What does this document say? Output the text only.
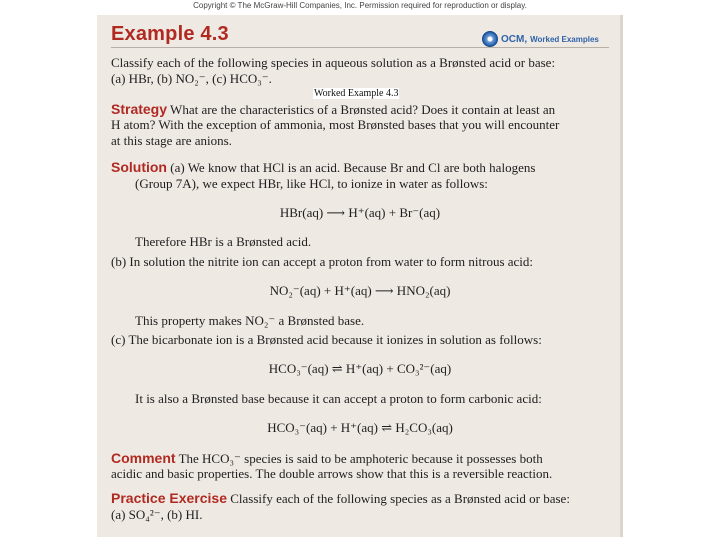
Copyright © The McGraw-Hill Companies, Inc. Permission required for reproduction or display.
Example 4.3	OCM, Worked Examples
Classify each of the following species in aqueous solution as a Brønsted acid or base:
(a) HBr, (b) NO₂⁻, (c) HCO₃⁻.
Strategy What are the characteristics of a Brønsted acid? Does it contain at least an
H atom? With the exception of ammonia, most Brønsted bases that you will encounter
at this stage are anions.
Solution (a) We know that HCl is an acid. Because Br and Cl are both halogens
(Group 7A), we expect HBr, like HCl, to ionize in water as follows:
HBr(aq) ⟶ H⁺(aq) + Br⁻(aq)
Therefore HBr is a Brønsted acid.
(b) In solution the nitrite ion can accept a proton from water to form nitrous acid:
NO₂⁻(aq) + H⁺(aq) ⟶ HNO₂(aq)
This property makes NO₂⁻ a Brønsted base.
(c) The bicarbonate ion is a Brønsted acid because it ionizes in solution as follows:
HCO₃⁻(aq) ⇌ H⁺(aq) + CO₃²⁻(aq)
It is also a Brønsted base because it can accept a proton to form carbonic acid:
HCO₃⁻(aq) + H⁺(aq) ⇌ H₂CO₃(aq)
Comment The HCO₃⁻ species is said to be amphoteric because it possesses both
acidic and basic properties. The double arrows show that this is a reversible reaction.
Practice Exercise Classify each of the following species as a Brønsted acid or base:
(a) SO₄²⁻, (b) HI.
Worked Example 4.3
